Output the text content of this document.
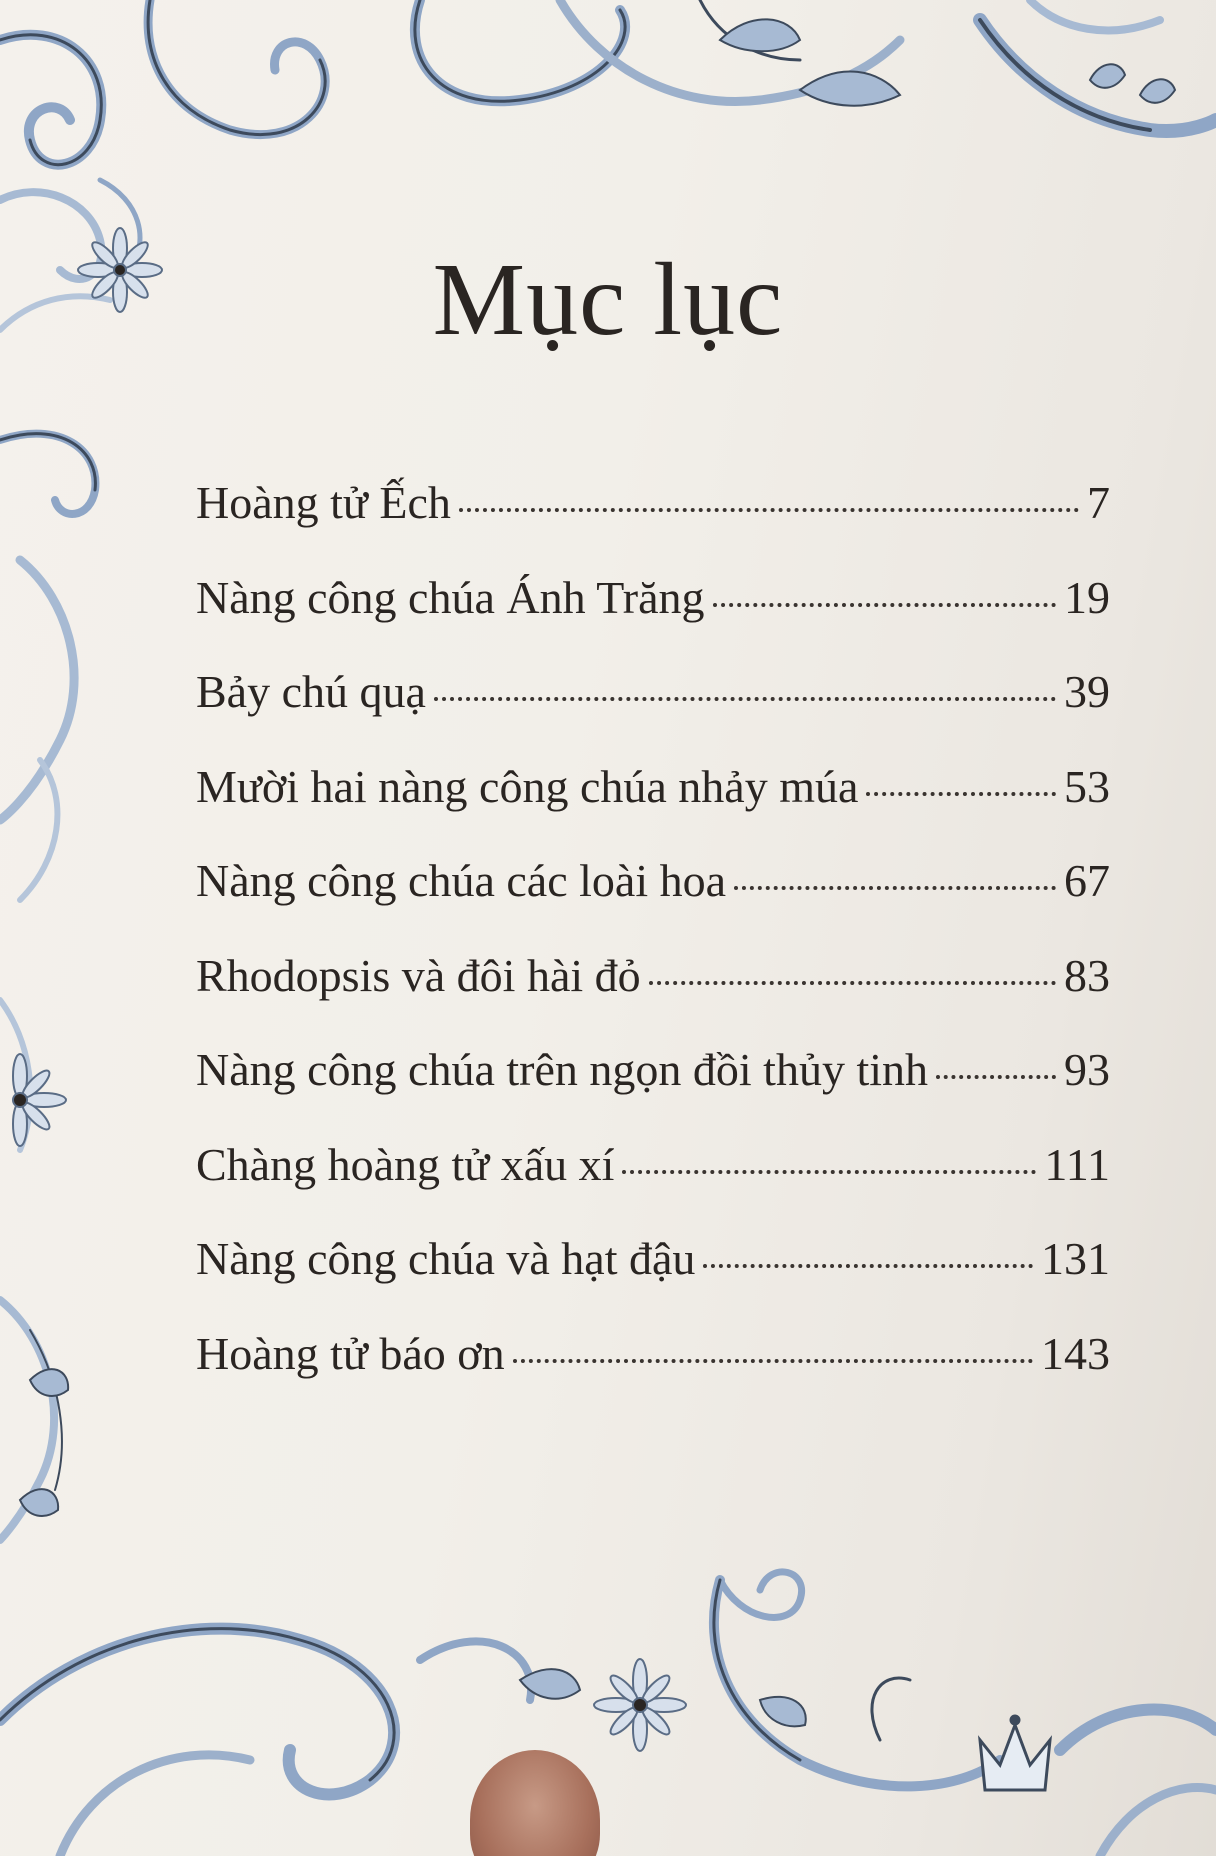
Mục lục
Hoàng tử Ếch	7
Nàng công chúa Ánh Trăng	19
Bảy chú quạ	39
Mười hai nàng công chúa nhảy múa	53
Nàng công chúa các loài hoa	67
Rhodopsis và đôi hài đỏ	83
Nàng công chúa trên ngọn đồi thủy tinh	93
Chàng hoàng tử xấu xí	111
Nàng công chúa và hạt đậu	131
Hoàng tử báo ơn	143
